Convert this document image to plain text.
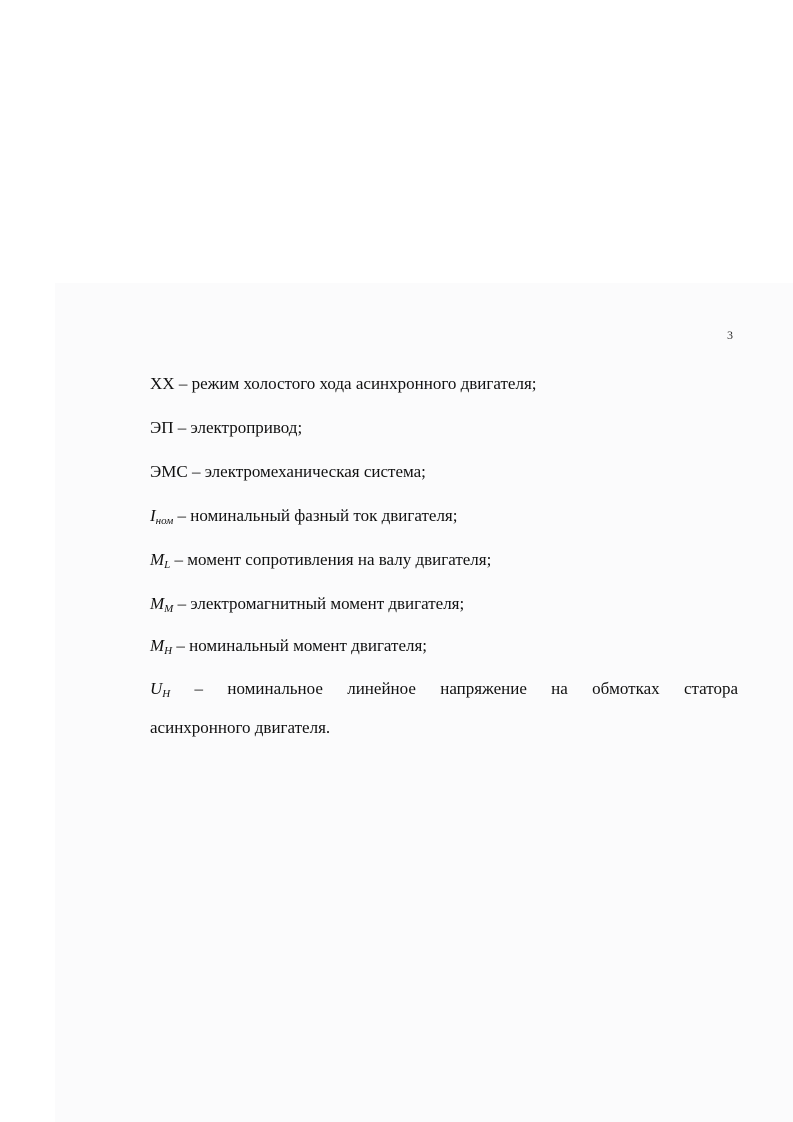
3
ХХ – режим холостого хода асинхронного двигателя;
ЭП – электропривод;
ЭМС – электромеханическая система;
$I_{ном}$ – номинальный фазный ток двигателя;
$M_L$ – момент сопротивления на валу двигателя;
$M_M$ – электромагнитный момент двигателя;
$M_H$ – номинальный момент двигателя;
$U_H$ – номинальное линейное напряжение на обмотках статора
асинхронного двигателя.
